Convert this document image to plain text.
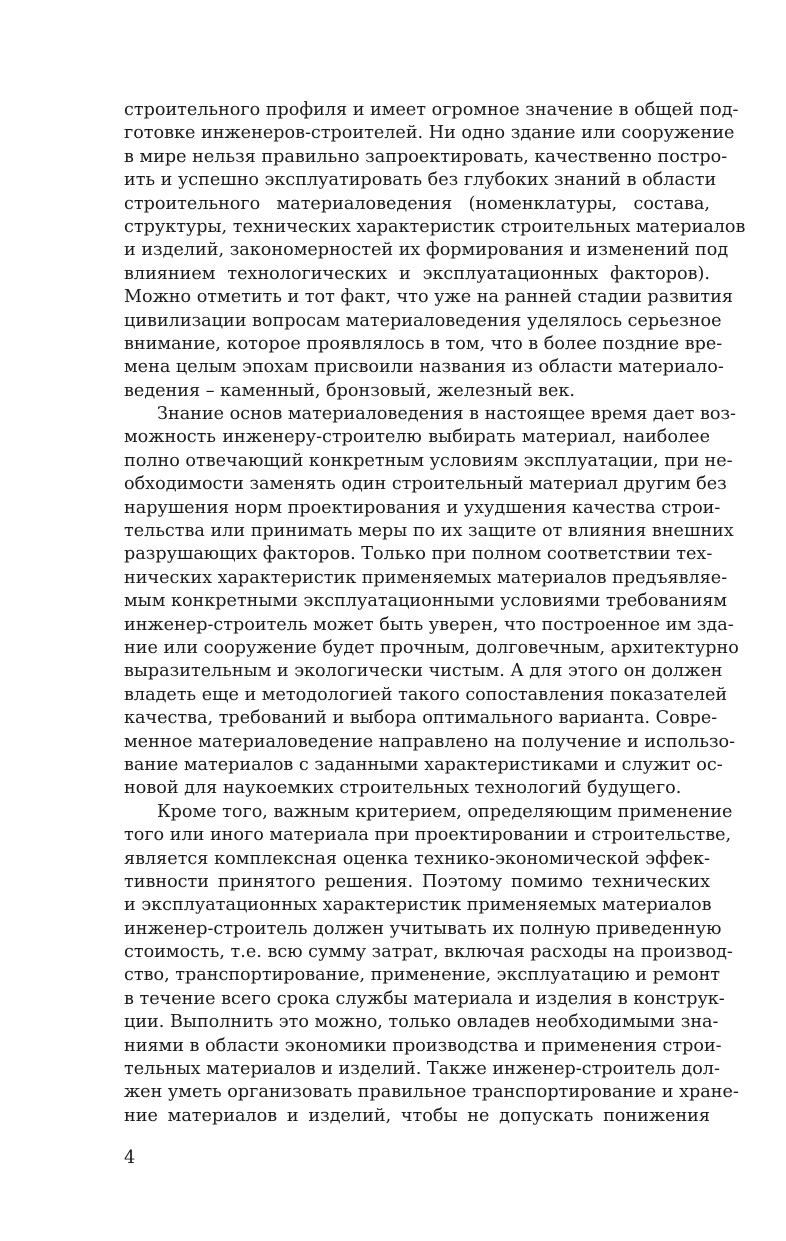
строительного профиля и имеет огромное значение в общей под-
готовке инженеров-строителей. Ни одно здание или сооружение
в мире нельзя правильно запроектировать, качественно постро-
ить и успешно эксплуатировать без глубоких знаний в области
строительного материаловедения (номенклатуры, состава,
структуры, технических характеристик строительных материалов
и изделий, закономерностей их формирования и изменений под
влиянием технологических и эксплуатационных факторов).
Можно отметить и тот факт, что уже на ранней стадии развития
цивилизации вопросам материаловедения уделялось серьезное
внимание, которое проявлялось в том, что в более поздние вре-
мена целым эпохам присвоили названия из области материало-
ведения – каменный, бронзовый, железный век.
Знание основ материаловедения в настоящее время дает воз-
можность инженеру-строителю выбирать материал, наиболее
полно отвечающий конкретным условиям эксплуатации, при не-
обходимости заменять один строительный материал другим без
нарушения норм проектирования и ухудшения качества строи-
тельства или принимать меры по их защите от влияния внешних
разрушающих факторов. Только при полном соответствии тех-
нических характеристик применяемых материалов предъявляе-
мым конкретными эксплуатационными условиями требованиям
инженер-строитель может быть уверен, что построенное им зда-
ние или сооружение будет прочным, долговечным, архитектурно
выразительным и экологически чистым. А для этого он должен
владеть еще и методологией такого сопоставления показателей
качества, требований и выбора оптимального варианта. Совре-
менное материаловедение направлено на получение и использо-
вание материалов с заданными характеристиками и служит ос-
новой для наукоемких строительных технологий будущего.
Кроме того, важным критерием, определяющим применение
того или иного материала при проектировании и строительстве,
является комплексная оценка технико-экономической эффек-
тивности принятого решения. Поэтому помимо технических
и эксплуатационных характеристик применяемых материалов
инженер-строитель должен учитывать их полную приведенную
стоимость, т.е. всю сумму затрат, включая расходы на производ-
ство, транспортирование, применение, эксплуатацию и ремонт
в течение всего срока службы материала и изделия в конструк-
ции. Выполнить это можно, только овладев необходимыми зна-
ниями в области экономики производства и применения строи-
тельных материалов и изделий. Также инженер-строитель дол-
жен уметь организовать правильное транспортирование и хране-
ние материалов и изделий, чтобы не допускать понижения
4
